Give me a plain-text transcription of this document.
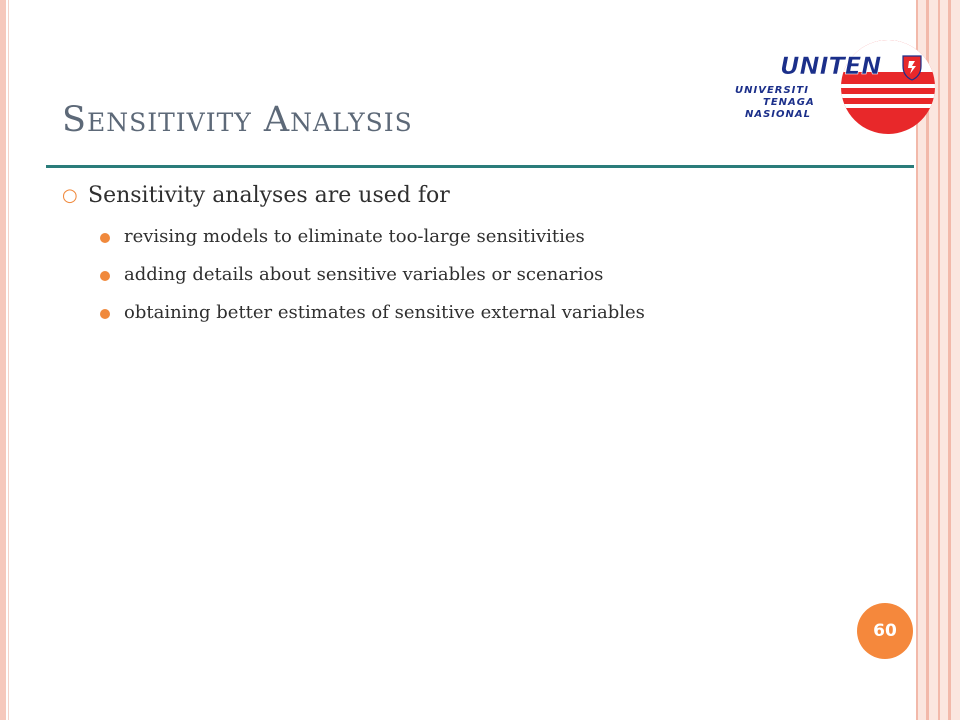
Sensitivity Analysis
UNITEN
UNIVERSITI
TENAGA
NASIONAL
○ Sensitivity analyses are used for
revising models to eliminate too-large sensitivities
adding details about sensitive variables or scenarios
obtaining better estimates of sensitive external variables
60
